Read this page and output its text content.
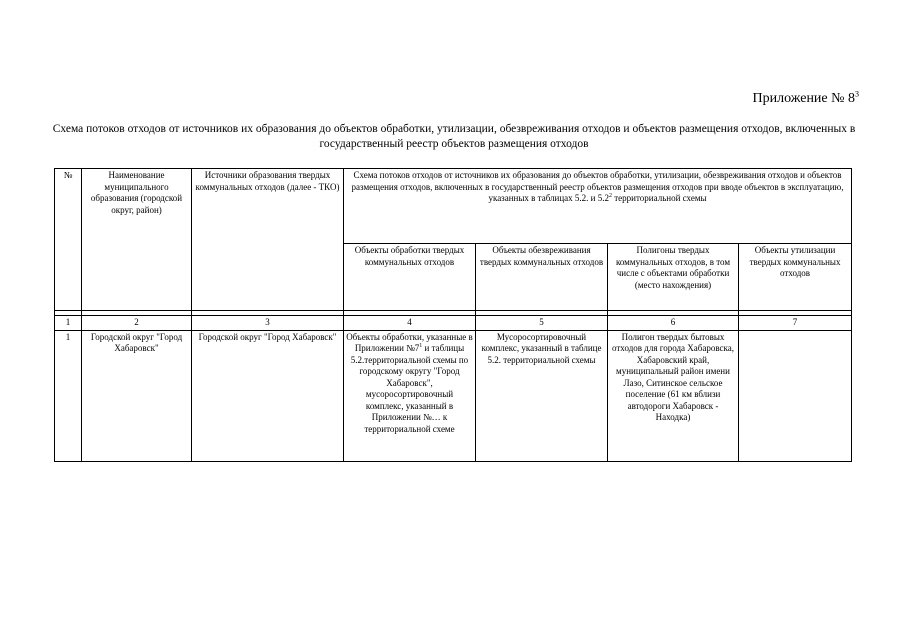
Приложение № $8^3$
Схема потоков отходов от источников их образования до объектов обработки, утилизации, обезвреживания отходов и объектов размещения отходов, включенных в государственный реестр объектов размещения отходов
№	Наименование муниципального образования (городской округ, район)	Источники образования твердых коммунальных отходов (далее - ТКО)	Схема потоков отходов от источников их образования до объектов обработки, утилизации, обезвреживания отходов и объектов размещения отходов, включенных в государственный реестр объектов размещения отходов при вводе объектов в эксплуатацию, указанных в таблицах 5.2. и $5.2^2$ территориальной схемы			
			Объекты обработки твердых коммунальных отходов	Объекты обезвреживания твердых коммунальных отходов	Полигоны твердых коммунальных отходов, в том числе с объектами обработки (место нахождения)	Объекты утилизации твердых коммунальных отходов

1	2	3	4	5	6	7
1	Городской округ "Город Хабаровск"	Городской округ "Город Хабаровск"	Объекты обработки, указанные в Приложении $№7^1$ и таблицы 5.2.территориальной схемы по городскому округу "Город Хабаровск", мусоросортировочный комплекс, указанный в Приложении №… к территориальной схеме	Мусоросортировочный комплекс, указанный в таблице 5.2. территориальной схемы	Полигон твердых бытовых отходов для города Хабаровска, Хабаровский край, муниципальный район имени Лазо, Ситинское сельское поселение (61 км вблизи автодороги Хабаровск - Находка)	
